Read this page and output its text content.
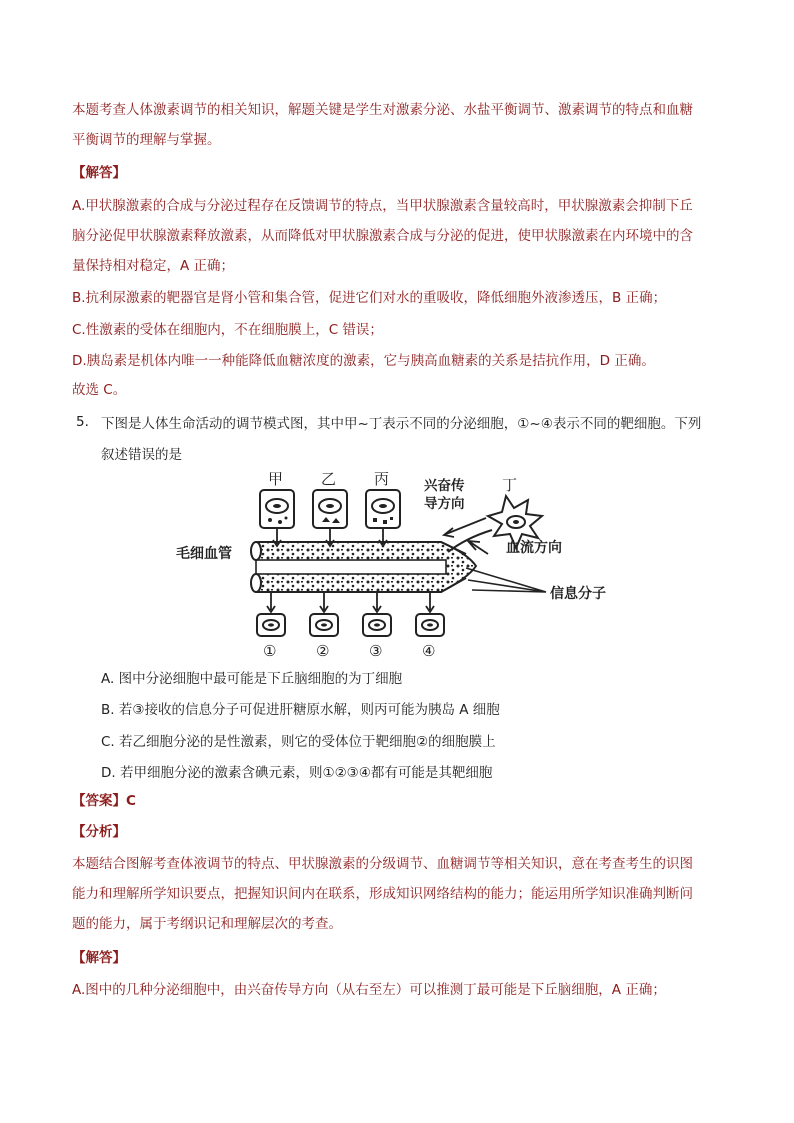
本题考查人体激素调节的相关知识，解题关键是学生对激素分泌、水盐平衡调节、激素调节的特点和血糖
平衡调节的理解与掌握。
【解答】
A.甲状腺激素的合成与分泌过程存在反馈调节的特点，当甲状腺激素含量较高时，甲状腺激素会抑制下丘
脑分泌促甲状腺激素释放激素，从而降低对甲状腺激素合成与分泌的促进，使甲状腺激素在内环境中的含
量保持相对稳定，A 正确；
B.抗利尿激素的靶器官是肾小管和集合管，促进它们对水的重吸收，降低细胞外液渗透压，B 正确；
C.性激素的受体在细胞内，不在细胞膜上，C 错误；
D.胰岛素是机体内唯一一种能降低血糖浓度的激素，它与胰高血糖素的关系是拮抗作用，D 正确。
故选 C。
5. 下图是人体生命活动的调节模式图，其中甲~丁表示不同的分泌细胞，①~④表示不同的靶细胞。下列
叙述错误的是
甲	乙	丙	丁
兴奋传
导方向
毛细血管	血流方向
信息分子
①	②	③	④
A. 图中分泌细胞中最可能是下丘脑细胞的为丁细胞
B. 若③接收的信息分子可促进肝糖原水解，则丙可能为胰岛 A 细胞
C. 若乙细胞分泌的是性激素，则它的受体位于靶细胞②的细胞膜上
D. 若甲细胞分泌的激素含碘元素，则①②③④都有可能是其靶细胞
【答案】C
【分析】
本题结合图解考查体液调节的特点、甲状腺激素的分级调节、血糖调节等相关知识，意在考查考生的识图
能力和理解所学知识要点，把握知识间内在联系，形成知识网络结构的能力；能运用所学知识准确判断问
题的能力，属于考纲识记和理解层次的考查。
【解答】
A.图中的几种分泌细胞中，由兴奋传导方向（从右至左）可以推测丁最可能是下丘脑细胞，A 正确；
